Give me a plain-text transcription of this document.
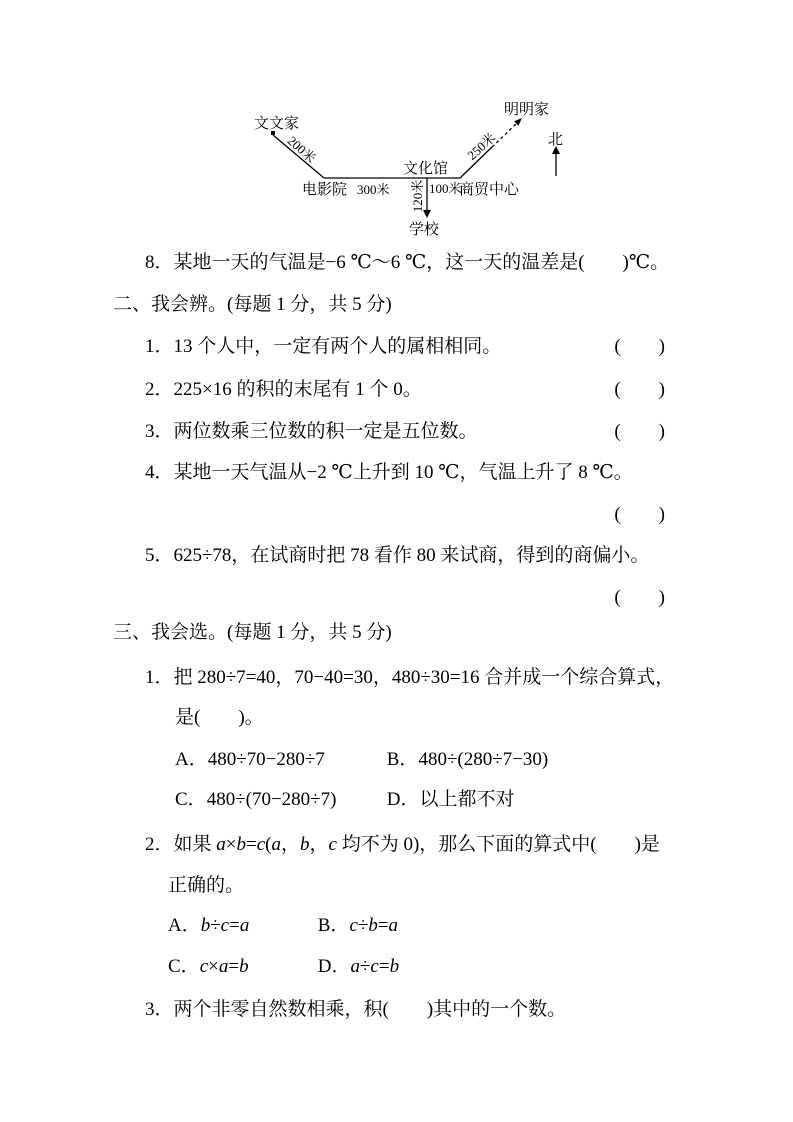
文文家
电影院
文化馆
学校
商贸中心
明明家
北
300米	100米
200米	250米
120米
8．某地一天的气温是−6 ℃～6 ℃，这一天的温差是(　　)℃。
二、我会辨。(每题 1 分，共 5 分)
1．13 个人中，一定有两个人的属相相同。	(　　)
2．225×16 的积的末尾有 1 个 0。	(　　)
3．两位数乘三位数的积一定是五位数。	(　　)
4．某地一天气温从−2 ℃上升到 10 ℃，气温上升了 8 ℃。
(　　)
5．625÷78，在试商时把 78 看作 80 来试商，得到的商偏小。
(　　)
三、我会选。(每题 1 分，共 5 分)
1．把 280÷7=40，70−40=30，480÷30=16 合并成一个综合算式，
是(　　)。
A．480÷70−280÷7	B．480÷(280÷7−30)
C．480÷(70−280÷7)	D．以上都不对
2．如果 a×b=c(a，b，c 均不为 0)，那么下面的算式中(　　)是
正确的。
A．b÷c=a	B．c÷b=a
C．c×a=b	D．a÷c=b
3．两个非零自然数相乘，积(　　)其中的一个数。
